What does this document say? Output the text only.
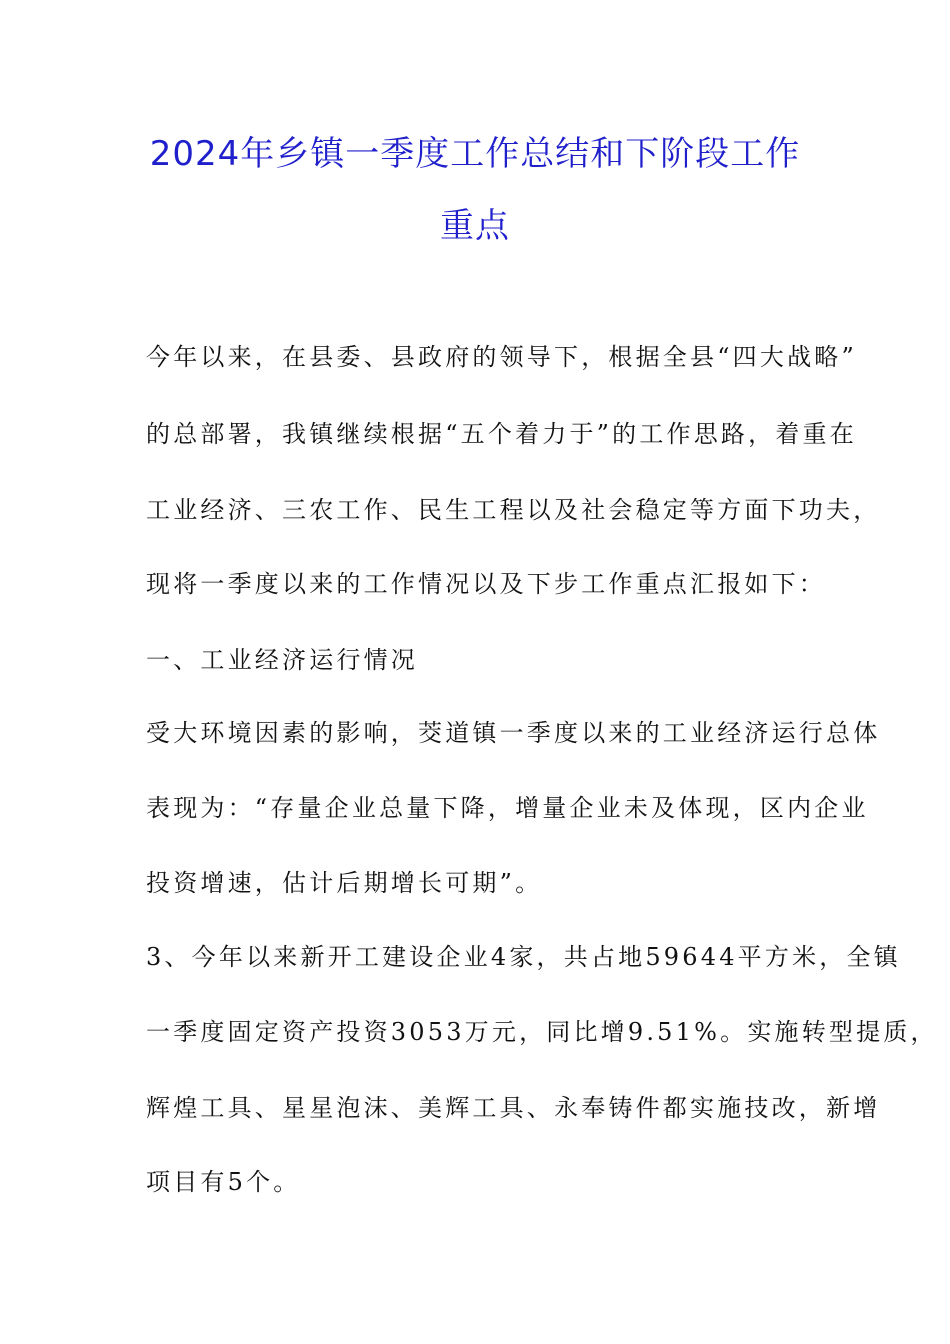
2024年乡镇一季度工作总结和下阶段工作
重点

今年以来，在县委、县政府的领导下，根据全县“四大战略”

的总部署，我镇继续根据“五个着力于”的工作思路，着重在

工业经济、三农工作、民生工程以及社会稳定等方面下功夫，

现将一季度以来的工作情况以及下步工作重点汇报如下：

一、工业经济运行情况

受大环境因素的影响，茭道镇一季度以来的工业经济运行总体

表现为：“存量企业总量下降，增量企业未及体现，区内企业

投资增速，估计后期增长可期”。

3、今年以来新开工建设企业4家，共占地59644平方米，全镇

一季度固定资产投资3053万元，同比增9.51%。实施转型提质，

辉煌工具、星星泡沫、美辉工具、永奉铸件都实施技改，新增

项目有5个。
